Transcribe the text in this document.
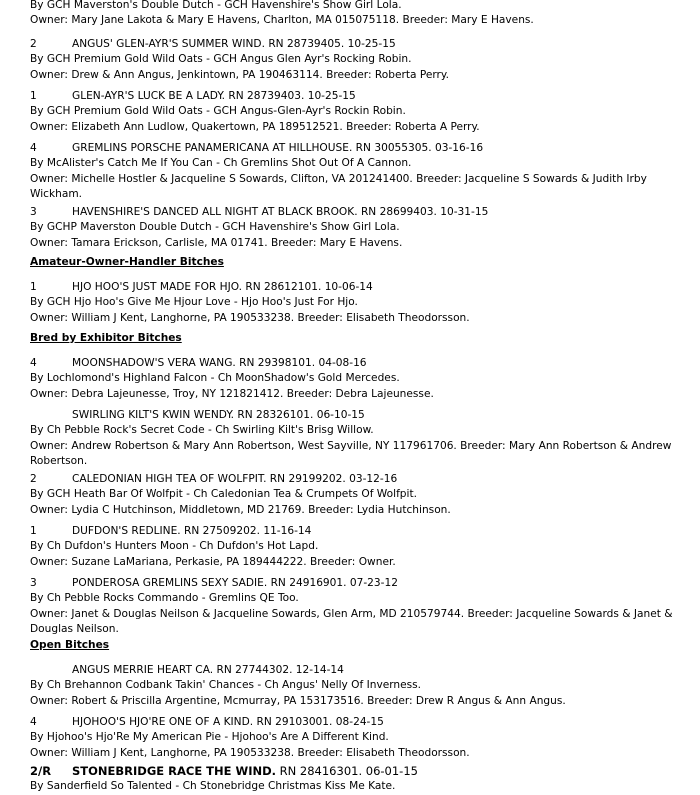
By GCH Maverston's Double Dutch - GCH Havenshire's Show Girl Lola.
Owner: Mary Jane Lakota & Mary E Havens, Charlton, MA 015075118. Breeder: Mary E Havens.
2	ANGUS' GLEN-AYR'S SUMMER WIND. RN 28739405. 10-25-15
By GCH Premium Gold Wild Oats - GCH Angus Glen Ayr's Rocking Robin.
Owner: Drew & Ann Angus, Jenkintown, PA 190463114. Breeder: Roberta Perry.
1	GLEN-AYR'S LUCK BE A LADY. RN 28739403. 10-25-15
By GCH Premium Gold Wild Oats - GCH Angus-Glen-Ayr's Rockin Robin.
Owner: Elizabeth Ann Ludlow, Quakertown, PA 189512521. Breeder: Roberta A Perry.
4	GREMLINS PORSCHE PANAMERICANA AT HILLHOUSE. RN 30055305. 03-16-16
By McAlister's Catch Me If You Can - Ch Gremlins Shot Out Of A Cannon.
Owner: Michelle Hostler & Jacqueline S Sowards, Clifton, VA 201241400. Breeder: Jacqueline S Sowards & Judith Irby Wickham.
3	HAVENSHIRE'S DANCED ALL NIGHT AT BLACK BROOK. RN 28699403. 10-31-15
By GCHP Maverston Double Dutch - GCH Havenshire's Show Girl Lola.
Owner: Tamara Erickson, Carlisle, MA 01741. Breeder: Mary E Havens.
Amateur-Owner-Handler Bitches
1	HJO HOO'S JUST MADE FOR HJO. RN 28612101. 10-06-14
By GCH Hjo Hoo's Give Me Hjour Love - Hjo Hoo's Just For Hjo.
Owner: William J Kent, Langhorne, PA 190533238. Breeder: Elisabeth Theodorsson.
Bred by Exhibitor Bitches
4	MOONSHADOW'S VERA WANG. RN 29398101. 04-08-16
By Lochlomond's Highland Falcon - Ch MoonShadow's Gold Mercedes.
Owner: Debra Lajeunesse, Troy, NY 121821412. Breeder: Debra Lajeunesse.
SWIRLING KILT'S KWIN WENDY. RN 28326101. 06-10-15
By Ch Pebble Rock's Secret Code - Ch Swirling Kilt's Brisg Willow.
Owner: Andrew Robertson & Mary Ann Robertson, West Sayville, NY 117961706. Breeder: Mary Ann Robertson & Andrew Robertson.
2	CALEDONIAN HIGH TEA OF WOLFPIT. RN 29199202. 03-12-16
By GCH Heath Bar Of Wolfpit - Ch Caledonian Tea & Crumpets Of Wolfpit.
Owner: Lydia C Hutchinson, Middletown, MD 21769. Breeder: Lydia Hutchinson.
1	DUFDON'S REDLINE. RN 27509202. 11-16-14
By Ch Dufdon's Hunters Moon - Ch Dufdon's Hot Lapd.
Owner: Suzane LaMariana, Perkasie, PA 189444222. Breeder: Owner.
3	PONDEROSA GREMLINS SEXY SADIE. RN 24916901. 07-23-12
By Ch Pebble Rocks Commando - Gremlins QE Too.
Owner: Janet & Douglas Neilson & Jacqueline Sowards, Glen Arm, MD 210579744. Breeder: Jacqueline Sowards & Janet & Douglas Neilson.
Open Bitches
ANGUS MERRIE HEART CA. RN 27744302. 12-14-14
By Ch Brehannon Codbank Takin' Chances - Ch Angus' Nelly Of Inverness.
Owner: Robert & Priscilla Argentine, Mcmurray, PA 153173516. Breeder: Drew R Angus & Ann Angus.
4	HJOHOO'S HJO'RE ONE OF A KIND. RN 29103001. 08-24-15
By Hjohoo's Hjo'Re My American Pie - Hjohoo's Are A Different Kind.
Owner: William J Kent, Langhorne, PA 190533238. Breeder: Elisabeth Theodorsson.
2/R STONEBRIDGE RACE THE WIND. RN 28416301. 06-01-15
By Sanderfield So Talented - Ch Stonebridge Christmas Kiss Me Kate.
